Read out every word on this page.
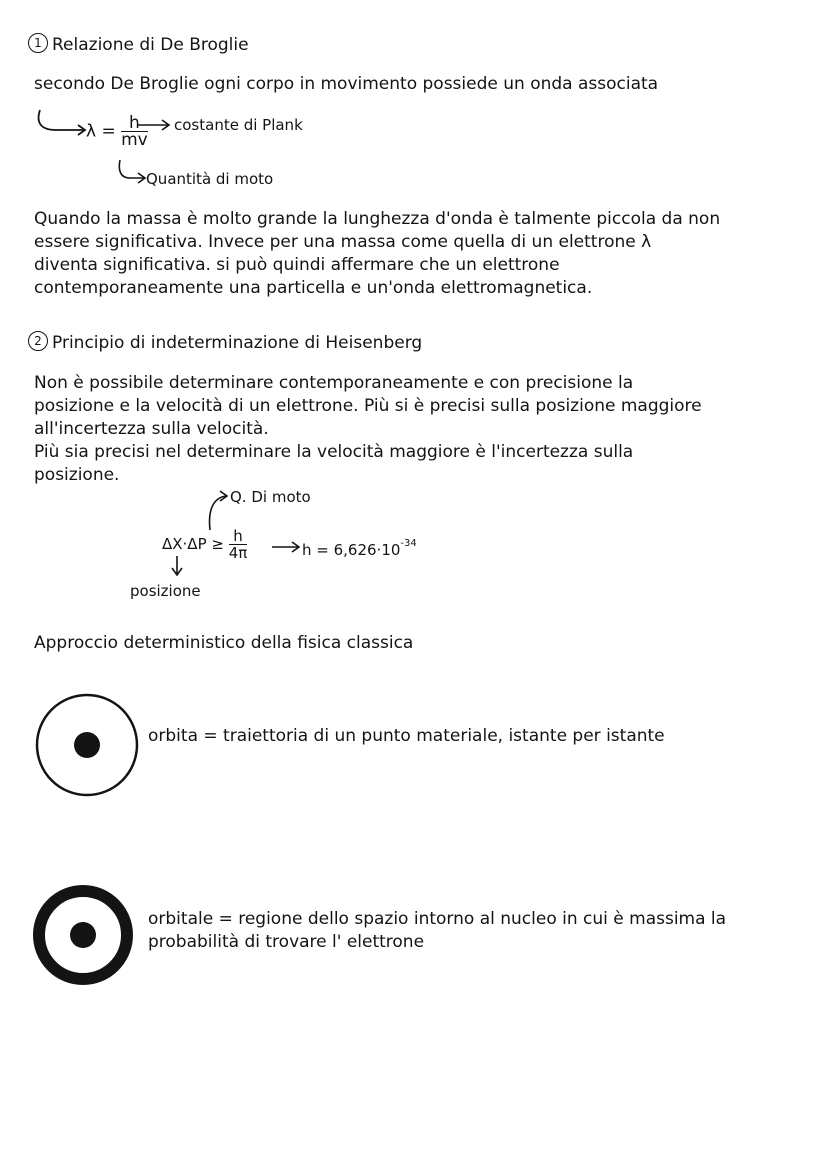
1 Relazione di De Broglie
secondo De Broglie ogni corpo in movimento possiede un onda associata
$\lambda = \frac{h}{mv}$ costante di Plank
Quantità di moto
Quando la massa è molto grande la lunghezza d'onda è talmente piccola da non
essere significativa. Invece per una massa come quella di un elettrone λ
diventa significativa. si può quindi affermare che un elettrone
contemporaneamente una particella e un'onda elettromagnetica.
2 Principio di indeterminazione di Heisenberg
Non è possibile determinare contemporaneamente e con precisione la
posizione e la velocità di un elettrone. Più si è precisi sulla posizione maggiore
all'incertezza sulla velocità.
Più sia precisi nel determinare la velocità maggiore è l'incertezza sulla
posizione.
Q. Di moto
$\Delta X\cdot\Delta P \ge \frac{h}{4\pi}$	$h = 6,626\cdot 10^{-34}$
posizione
Approccio deterministico della fisica classica
orbita = traiettoria di un punto materiale, istante per istante
orbitale = regione dello spazio intorno al nucleo in cui è massima la
probabilità di trovare l' elettrone
